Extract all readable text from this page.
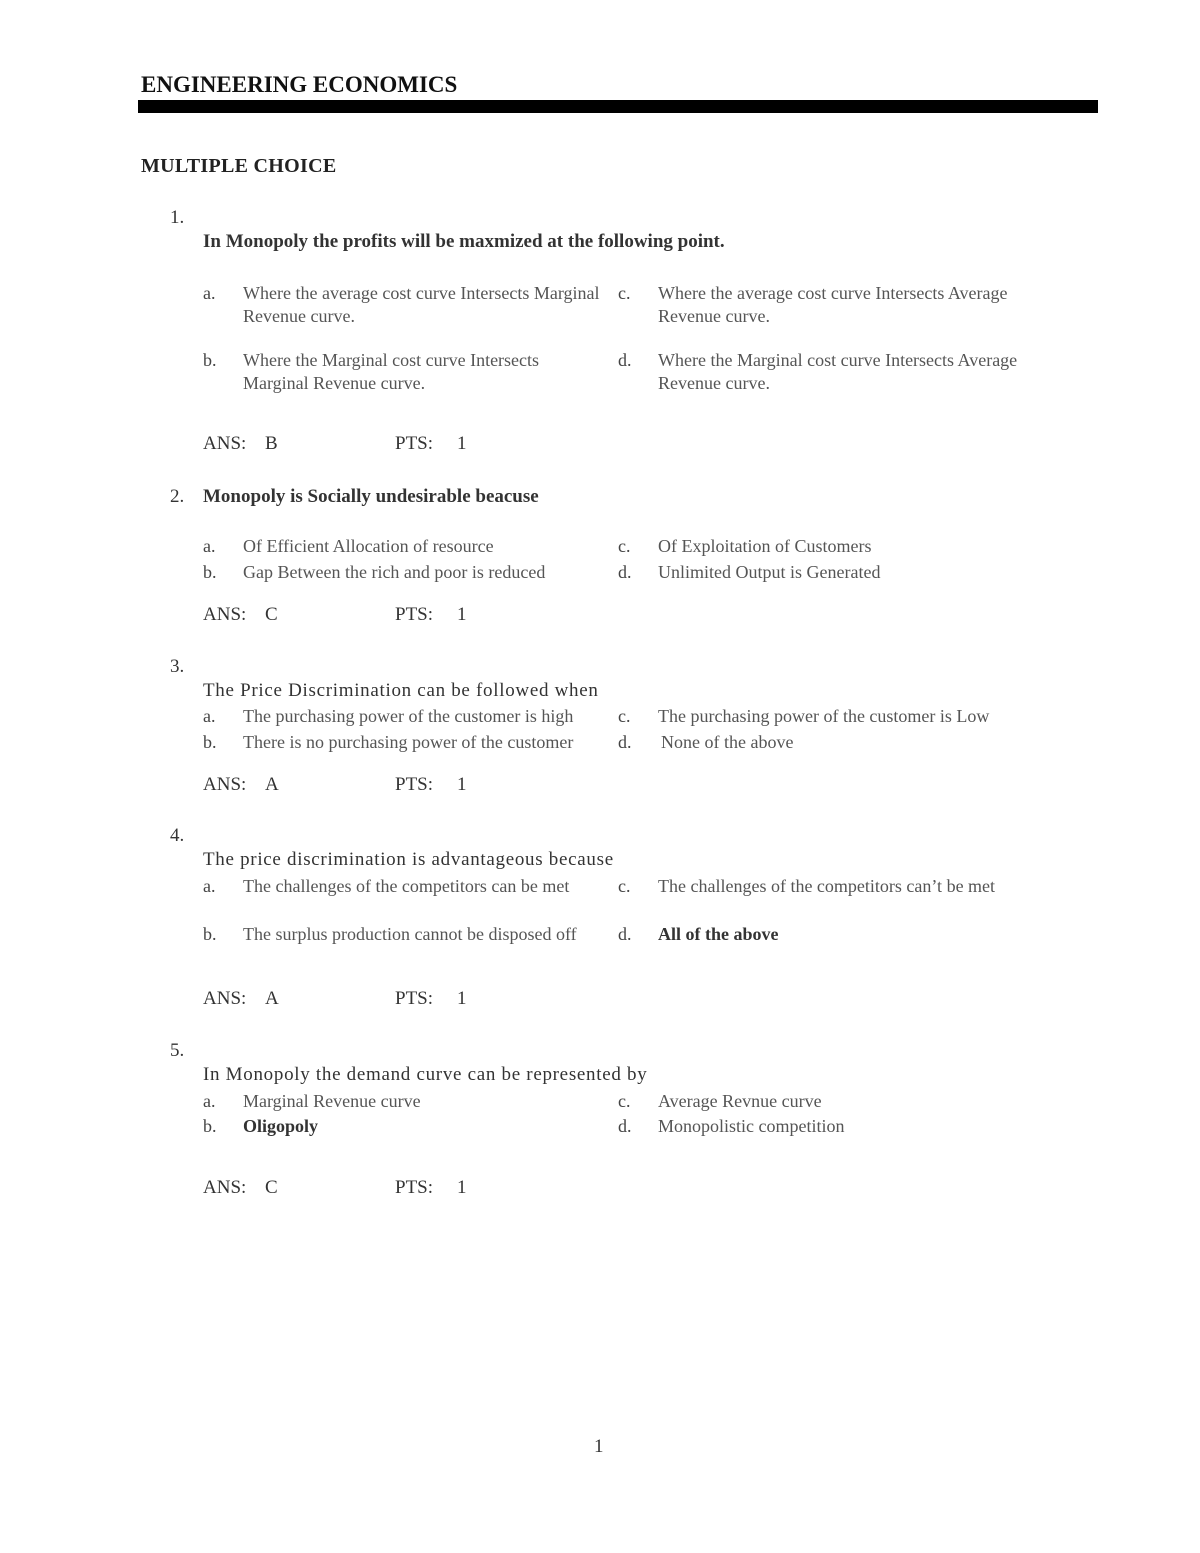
ENGINEERING ECONOMICS
MULTIPLE CHOICE
1.
In Monopoly the profits will be maxmized at the following point.
a. Where the average cost curve Intersects Marginal Revenue curve.
c. Where the average cost curve Intersects Average Revenue curve.
b. Where the Marginal cost curve Intersects Marginal Revenue curve.
d. Where the Marginal cost curve Intersects Average Revenue curve.
ANS: B	PTS: 1
2. Monopoly is Socially undesirable beacuse
a. Of Efficient Allocation of resource	c. Of Exploitation of Customers
b. Gap Between the rich and poor is reduced	d. Unlimited Output is Generated
ANS: C	PTS: 1
3.
The Price Discrimination can be followed when
a. The purchasing power of the customer is high c. The purchasing power of the customer is Low
b. There is no purchasing power of the customer d. None of the above
ANS: A	PTS: 1
4.
The price discrimination is advantageous because
a. The challenges of the competitors can be met	c. The challenges of the competitors can’t be met
b. The surplus production cannot be disposed off	d. All of the above
ANS: A	PTS: 1
5.
In Monopoly the demand curve can be represented by
a. Marginal Revenue curve	c. Average Revnue curve
b. Oligopoly	d. Monopolistic competition
ANS: C	PTS: 1
1
